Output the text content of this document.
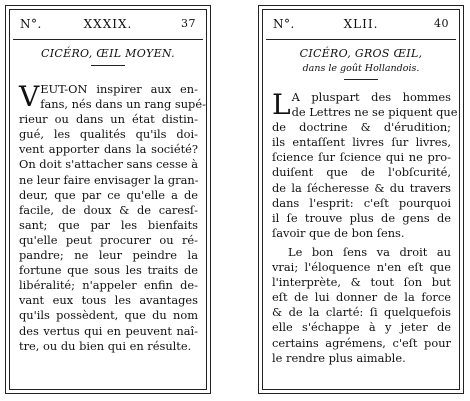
N°.	XXXIX.	37
CICÉRO, ŒIL MOYEN.
V EUT-ON inspirer aux en-
fans, nés dans un rang supé-
rieur ou dans un état distin-
gué, les qualités qu'ils doi-
vent apporter dans la société?
On doit s'attacher sans cesse à
ne leur faire envisager la gran-
deur, que par ce qu'elle a de
facile, de doux & de caresſ-
sant; que par les bienfaits
qu'elle peut procurer ou ré-
pandre; ne leur peindre la
fortune que sous les traits de
libéralité; n'appeler enfin de-
vant eux tous les avantages
qu'ils possèdent, que du nom
des vertus qui en peuvent naî-
tre, ou du bien qui en résulte.
N°.	XLII.	40
CICÉRO, GROS ŒIL,
dans le goût Hollandois.
L A pluspart des hommes
de Lettres ne se piquent que
de doctrine & d'érudition;
ils entaſſent livres ſur livres,
ſcience ſur ſcience qui ne pro-
duiſent que de l'obſcurité,
de la ſécheresse & du travers
dans l'esprit: c'eſt pourquoi
il ſe trouve plus de gens de
ſavoir que de bon ſens.
Le bon ſens va droit au
vrai; l'éloquence n'en eſt que
l'interprète, & tout ſon but
eſt de lui donner de la force
& de la clarté: ſi quelquefois
elle s'échappe à y jeter de
certains agrémens, c'eſt pour
le rendre plus aimable.
